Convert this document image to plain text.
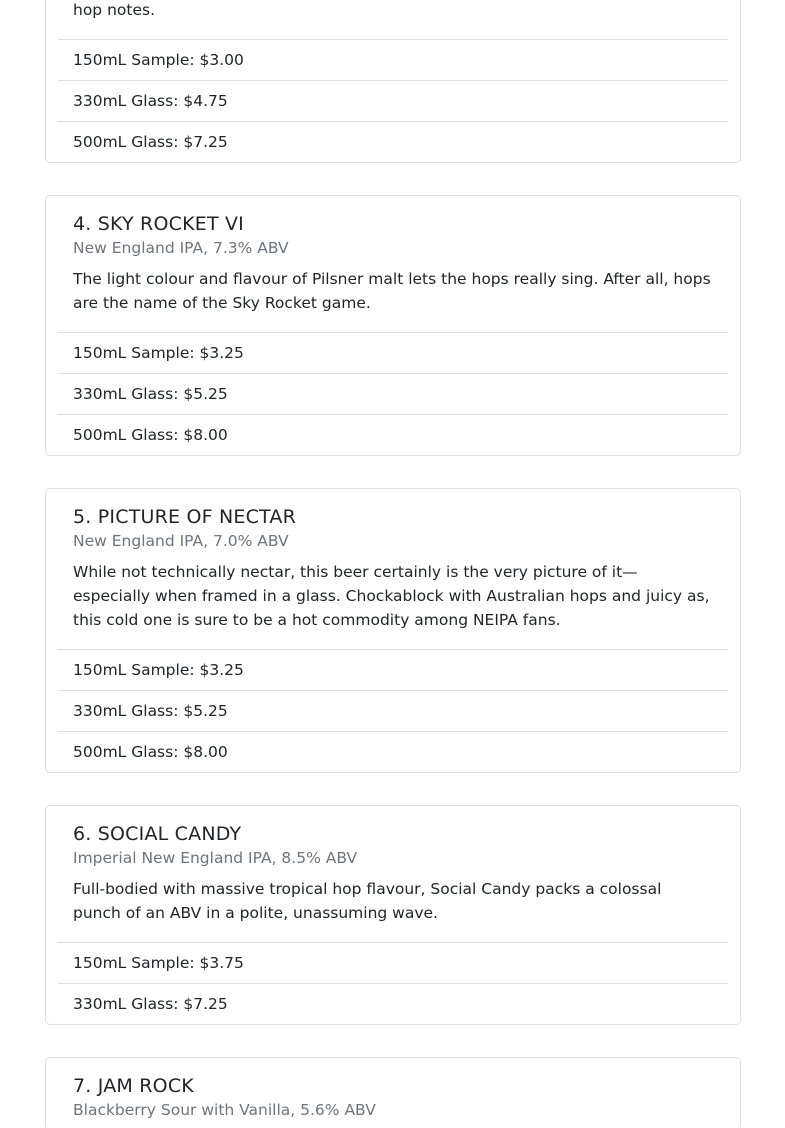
hop notes.
150mL Sample: $3.00
330mL Glass: $4.75
500mL Glass: $7.25
4. SKY ROCKET VI
New England IPA, 7.3% ABV
The light colour and flavour of Pilsner malt lets the hops really sing. After all, hops are the name of the Sky Rocket game.
150mL Sample: $3.25
330mL Glass: $5.25
500mL Glass: $8.00
5. PICTURE OF NECTAR
New England IPA, 7.0% ABV
While not technically nectar, this beer certainly is the very picture of it—especially when framed in a glass. Chockablock with Australian hops and juicy as, this cold one is sure to be a hot commodity among NEIPA fans.
150mL Sample: $3.25
330mL Glass: $5.25
500mL Glass: $8.00
6. SOCIAL CANDY
Imperial New England IPA, 8.5% ABV
Full-bodied with massive tropical hop flavour, Social Candy packs a colossal punch of an ABV in a polite, unassuming wave.
150mL Sample: $3.75
330mL Glass: $7.25
7. JAM ROCK
Blackberry Sour with Vanilla, 5.6% ABV
